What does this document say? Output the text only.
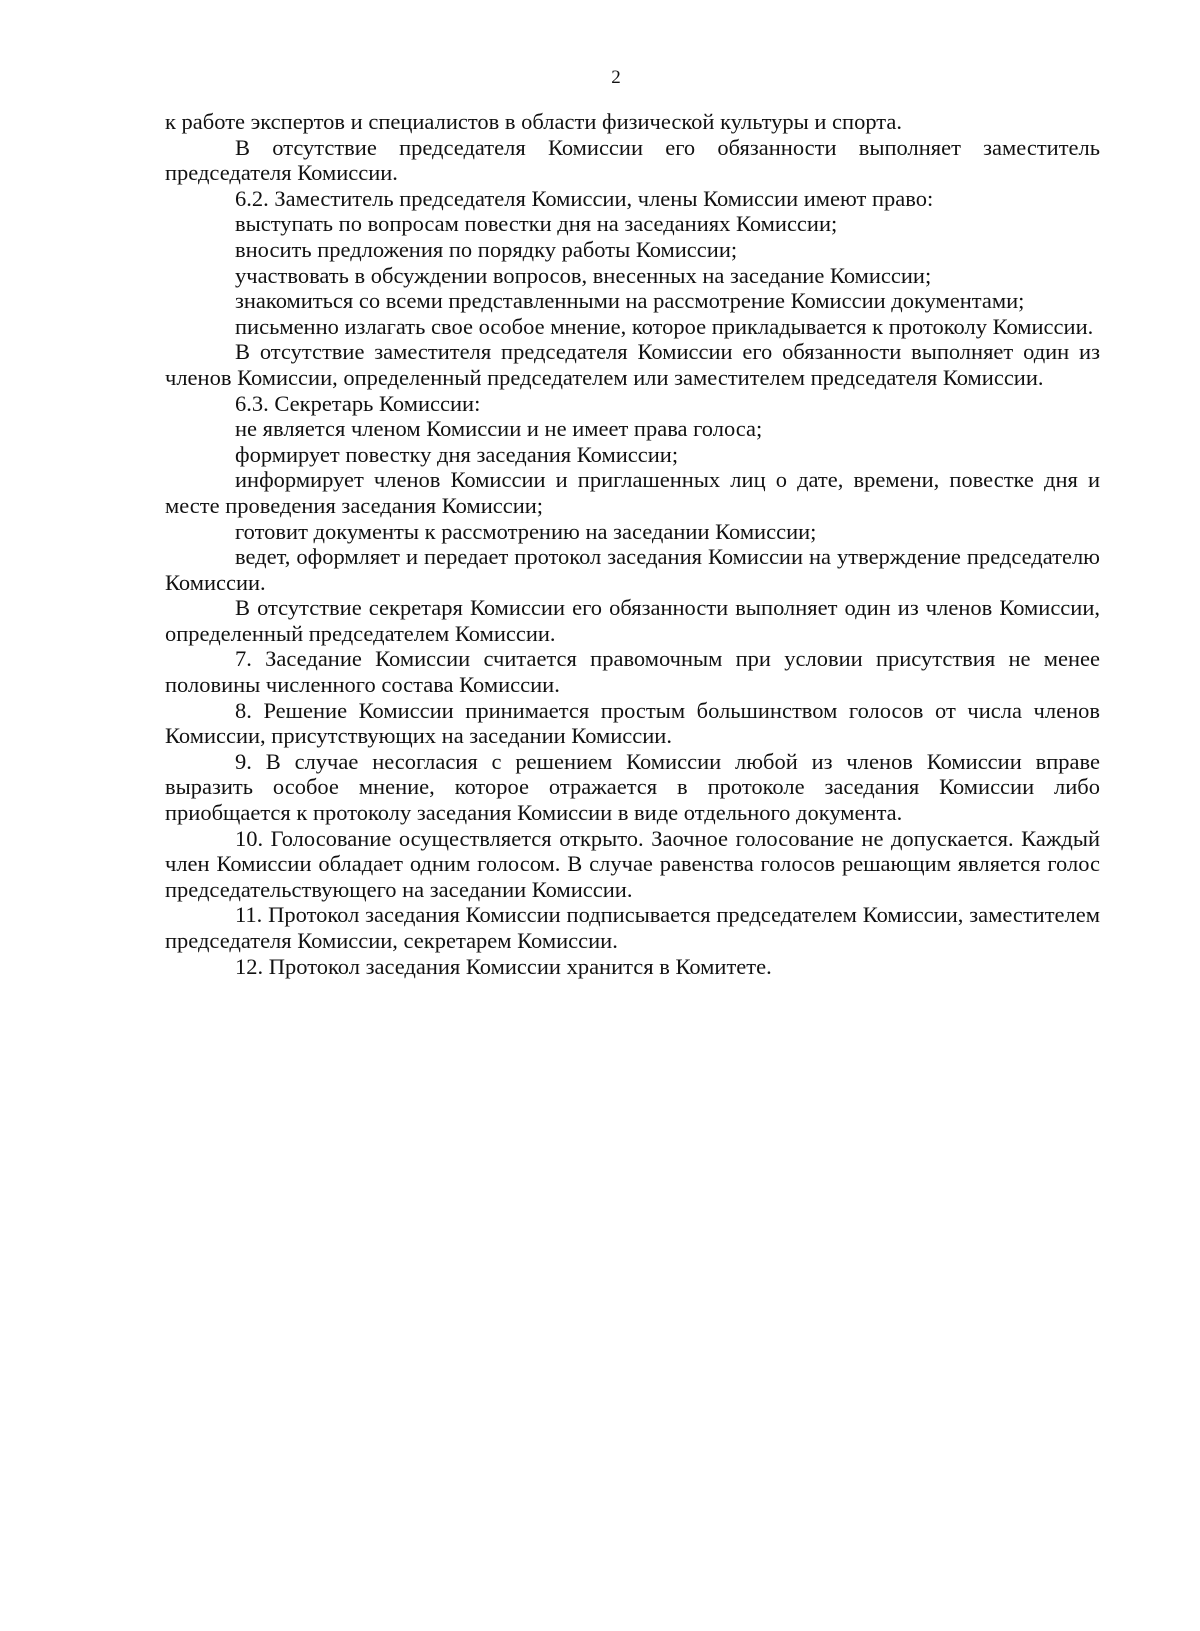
2

к работе экспертов и специалистов в области физической культуры и спорта.

В отсутствие председателя Комиссии его обязанности выполняет заместитель председателя Комиссии.

6.2. Заместитель председателя Комиссии, члены Комиссии имеют право:

выступать по вопросам повестки дня на заседаниях Комиссии;

вносить предложения по порядку работы Комиссии;

участвовать в обсуждении вопросов, внесенных на заседание Комиссии;

знакомиться со всеми представленными на рассмотрение Комиссии документами;

письменно излагать свое особое мнение, которое прикладывается к протоколу Комиссии.

В отсутствие заместителя председателя Комиссии его обязанности выполняет один из членов Комиссии, определенный председателем или заместителем председателя Комиссии.

6.3. Секретарь Комиссии:

не является членом Комиссии и не имеет права голоса;

формирует повестку дня заседания Комиссии;

информирует членов Комиссии и приглашенных лиц о дате, времени, повестке дня и месте проведения заседания Комиссии;

готовит документы к рассмотрению на заседании Комиссии;

ведет, оформляет и передает протокол заседания Комиссии на утверждение председателю Комиссии.

В отсутствие секретаря Комиссии его обязанности выполняет один из членов Комиссии, определенный председателем Комиссии.

7. Заседание Комиссии считается правомочным при условии присутствия не менее половины численного состава Комиссии.

8. Решение Комиссии принимается простым большинством голосов от числа членов Комиссии, присутствующих на заседании Комиссии.

9. В случае несогласия с решением Комиссии любой из членов Комиссии вправе выразить особое мнение, которое отражается в протоколе заседания Комиссии либо приобщается к протоколу заседания Комиссии в виде отдельного документа.

10. Голосование осуществляется открыто. Заочное голосование не допускается. Каждый член Комиссии обладает одним голосом. В случае равенства голосов решающим является голос председательствующего на заседании Комиссии.

11. Протокол заседания Комиссии подписывается председателем Комиссии, заместителем председателя Комиссии, секретарем Комиссии.

12. Протокол заседания Комиссии хранится в Комитете.
